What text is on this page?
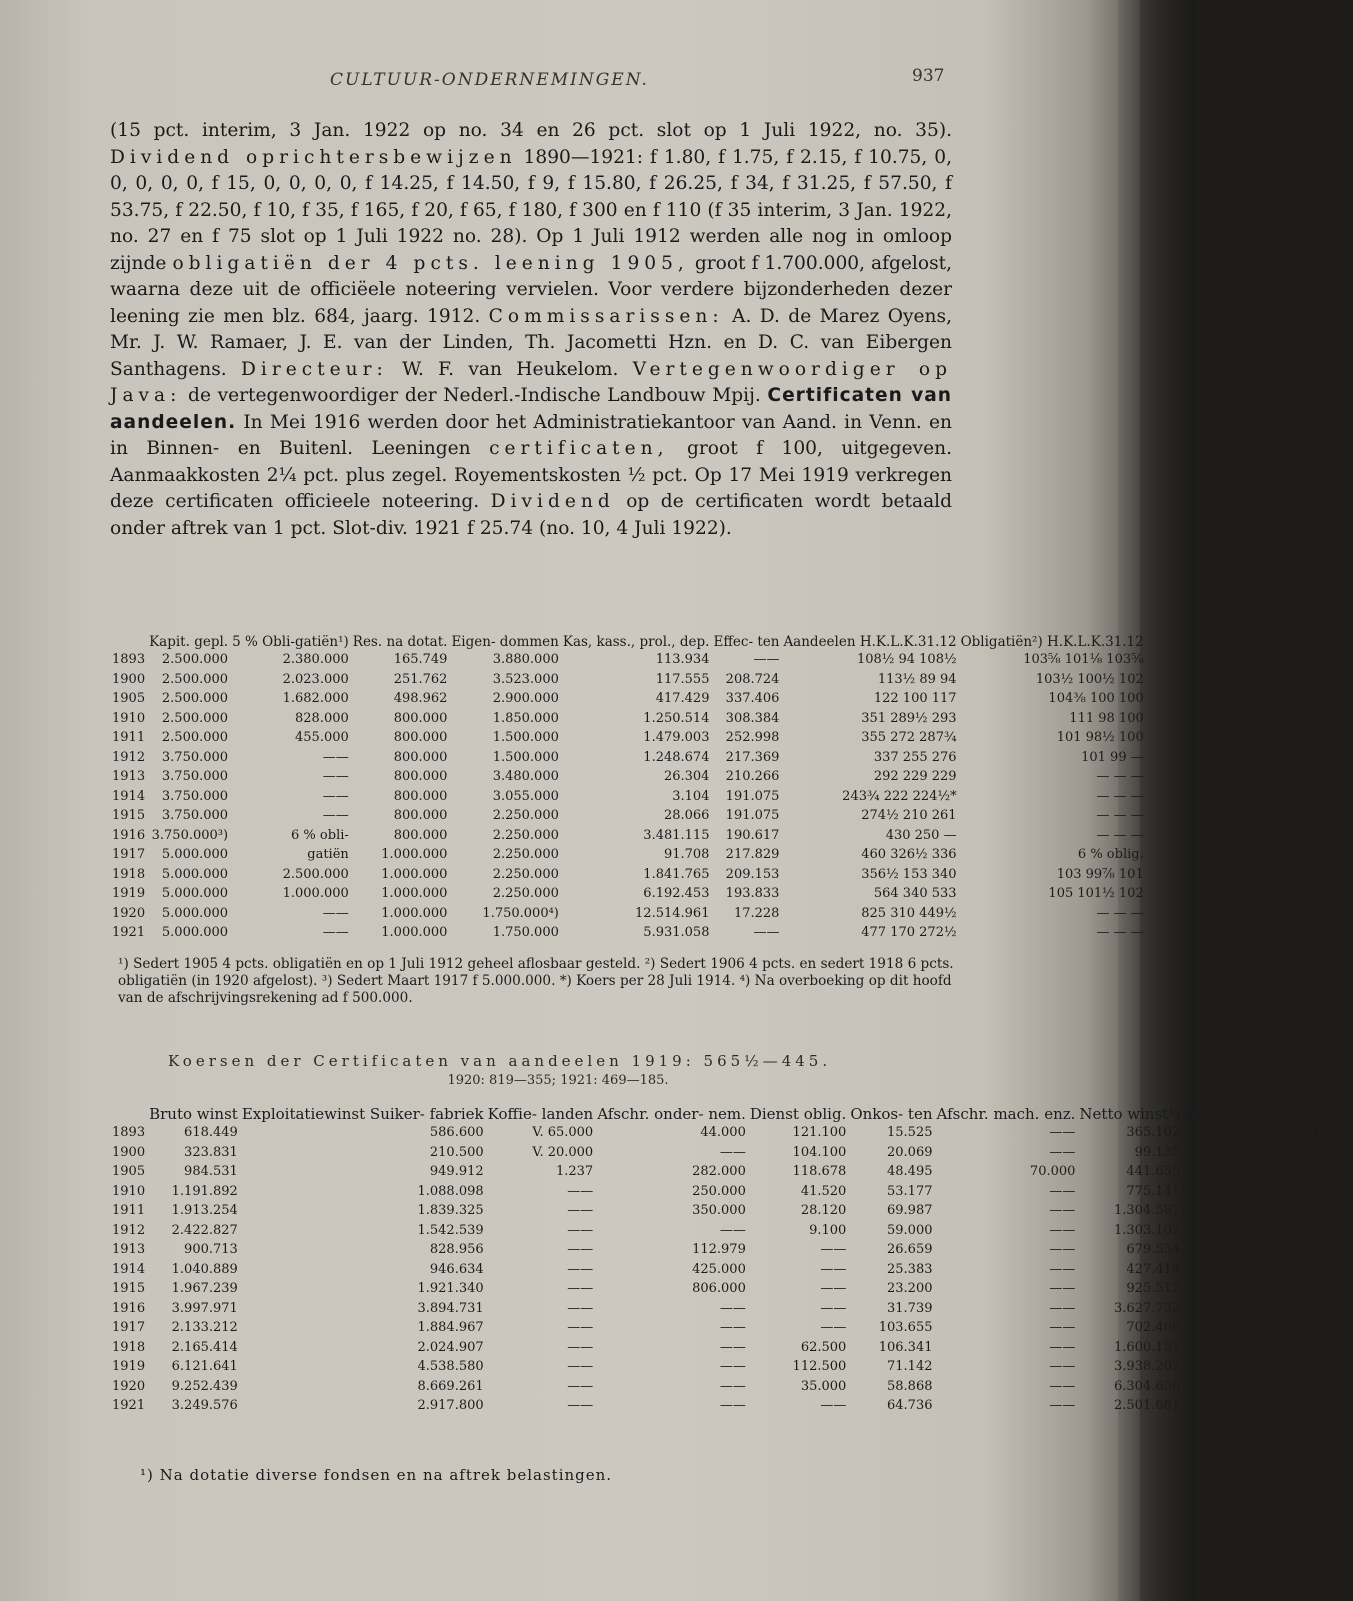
CULTUUR-ONDERNEMINGEN.	937

(15 pct. interim, 3 Jan. 1922 op no. 34 en 26 pct. slot op 1 Juli 1922, no. 35). Dividend oprichtersbewijzen 1890—1921: f 1.80, f 1.75, f 2.15, f 10.75, 0, 0, 0, 0, 0, f 15, 0, 0, 0, 0, f 14.25, f 14.50, f 9, f 15.80, f 26.25, f 34, f 31.25, f 57.50, f 53.75, f 22.50, f 10, f 35, f 165, f 20, f 65, f 180, f 300 en f 110 (f 35 interim, 3 Jan. 1922, no. 27 en f 75 slot op 1 Juli 1922 no. 28). Op 1 Juli 1912 werden alle nog in omloop zijnde obligatiën der 4 pcts. leening 1905, groot f 1.700.000, afgelost, waarna deze uit de officiëele noteering vervielen. Voor verdere bijzonderheden dezer leening zie men blz. 684, jaarg. 1912. Commissarissen: A. D. de Marez Oyens, Mr. J. W. Ramaer, J. E. van der Linden, Th. Jacometti Hzn. en D. C. van Eibergen Santhagens. Directeur: W. F. van Heukelom. Vertegenwoordiger op Java: de vertegenwoordiger der Nederl.-Indische Landbouw Mpij. Certificaten van aandeelen. In Mei 1916 werden door het Administratiekantoor van Aand. in Venn. en in Binnen- en Buitenl. Leeningen certificaten, groot f 100, uitgegeven. Aanmaakkosten 2¼ pct. plus zegel. Royementskosten ½ pct. Op 17 Mei 1919 verkregen deze certificaten officieele noteering. Dividend op de certificaten wordt betaald onder aftrek van 1 pct. Slot-div. 1921 f 25.74 (no. 10, 4 Juli 1922).

	Kapit. gepl.	5 % Obli-gatiën¹)	Res. na dotat.	Eigen- dommen	Kas, kass., prol., dep.	Effec- ten	Aandeelen H.K.L.K.31.12	Obligatiën²) H.K.L.K.31.12
1893	2.500.000	2.380.000	165.749	3.880.000	113.934	——	108½ 94 108½	103⅝ 101⅛ 103⅝
1900	2.500.000	2.023.000	251.762	3.523.000	117.555	208.724	113½ 89 94	103½ 100½ 102
1905	2.500.000	1.682.000	498.962	2.900.000	417.429	337.406	122 100 117	104⅜ 100 100
1910	2.500.000	828.000	800.000	1.850.000	1.250.514	308.384	351 289½ 293	111 98 100
1911	2.500.000	455.000	800.000	1.500.000	1.479.003	252.998	355 272 287¾	101 98½ 100
1912	3.750.000	——	800.000	1.500.000	1.248.674	217.369	337 255 276	101 99 —
1913	3.750.000	——	800.000	3.480.000	26.304	210.266	292 229 229	— — —
1914	3.750.000	——	800.000	3.055.000	3.104	191.075	243¾ 222 224½*	— — —
1915	3.750.000	——	800.000	2.250.000	28.066	191.075	274½ 210 261	— — —
1916	3.750.000³)	6 % obli-	800.000	2.250.000	3.481.115	190.617	430 250 —	— — —
1917	5.000.000	gatiën	1.000.000	2.250.000	91.708	217.829	460 326½ 336	6 % oblig.
1918	5.000.000	2.500.000	1.000.000	2.250.000	1.841.765	209.153	356½ 153 340	103 99⅞ 101
1919	5.000.000	1.000.000	1.000.000	2.250.000	6.192.453	193.833	564 340 533	105 101½ 102
1920	5.000.000	——	1.000.000	1.750.000⁴)	12.514.961	17.228	825 310 449½	— — —
1921	5.000.000	——	1.000.000	1.750.000	5.931.058	——	477 170 272½	— — —

¹) Sedert 1905 4 pcts. obligatiën en op 1 Juli 1912 geheel aflosbaar gesteld. ²) Sedert 1906 4 pcts. en sedert 1918 6 pcts. obligatiën (in 1920 afgelost). ³) Sedert Maart 1917 f 5.000.000. *) Koers per 28 Juli 1914. ⁴) Na overboeking op dit hoofd van de afschrijvingsrekening ad f 500.000.

Koersen der Certificaten van aandeelen 1919: 565½—445.
1920: 819—355; 1921: 469—185.
	Bruto winst	Exploitatiewinst Suiker- fabriek	Koffie- landen	Afschr. onder- nem.	Dienst oblig.	Onkos- ten	Afschr. mach. enz.	Netto winst¹)	Dividend Aand.	Opr.b.
1893	618.449	586.600	V. 65.000	44.000	121.100	15.525	——	365.102	6.43%	f 2.15
1900	323.831	210.500	V. 20.000	——	104.100	20.069	——	99.135	3.9 %	——
1905	984.531	949.912	1.237	282.000	118.678	48.495	70.000	441.655	8.9 %	f 14.50
1910	1.191.892	1.088.098	——	250.000	41.520	53.177	——	775.141	24⅜ %	f 31.25
1911	1.913.254	1.839.325	——	350.000	28.120	69.987	——	1.304.587	40⅛ %	f 57.50
1912	2.422.827	1.542.539	——	——	9.100	59.000	——	1.303.102	27⅛ %	f 53.75
1913	900.713	828.956	——	112.979	——	26.659	——	679.534	15 %	f 22.50
1914	1.040.889	946.634	——	425.000	——	25.383	——	427.414	10 %	f 10.—
1915	1.967.239	1.921.340	——	806.000	——	23.200	——	925.512	20 %	f 35.—
1916	3.997.971	3.894.731	——	——	——	31.739	——	3.627.732	72 %	f165.—
1917	2.133.212	1.884.967	——	——	——	103.655	——	702.408	8 %	f 20.—
1918	2.165.414	2.024.907	——	——	62.500	106.341	——	1.600.157	25½ %	f 65.—
1919	6.121.641	4.538.580	——	——	112.500	71.142	——	3.938.202	60 %	f180.—
1920	9.252.439	8.669.261	——	——	35.000	58.868	——	6.304.656	96 %	f300.—
1921	3.249.576	2.917.800	——	——	——	64.736	——	2.501.681	39 %	f110.—
¹) Na dotatie diverse fondsen en na aftrek belastingen.
